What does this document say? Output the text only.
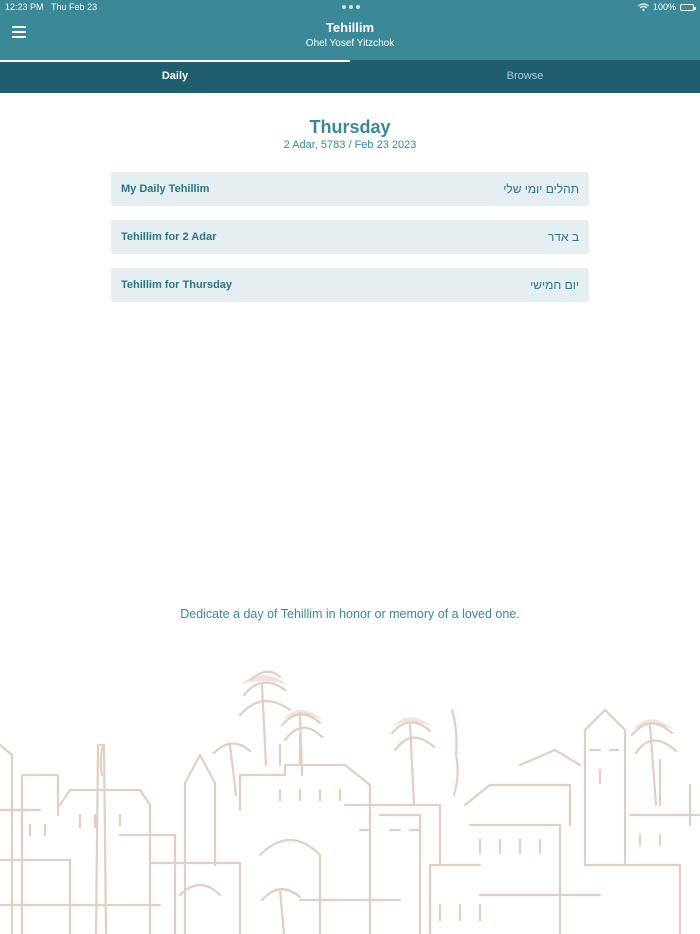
12:23 PM Thu Feb 23	100%
Tehillim
Ohel Yosef Yitzchok
Daily	Browse
Thursday
2 Adar, 5783 / Feb 23 2023
My Daily Tehillim	תהלים יומי שלי
Tehillim for 2 Adar	ב אדר
Tehillim for Thursday	יום חמישי
Dedicate a day of Tehillim in honor or memory of a loved one.
